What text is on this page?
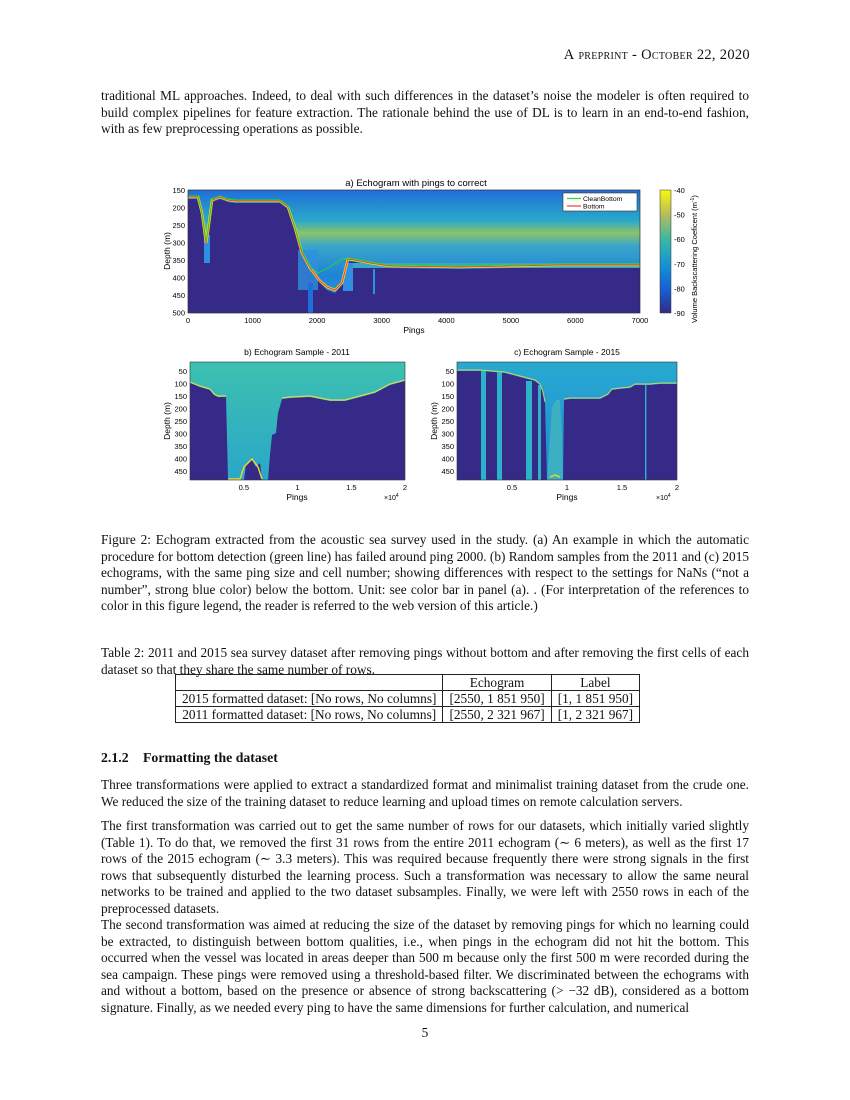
A preprint - October 22, 2020

traditional ML approaches. Indeed, to deal with such differences in the dataset’s noise the modeler is often required to build complex pipelines for feature extraction. The rationale behind the use of DL is to learn in an end-to-end fashion, with as few preprocessing operations as possible.

a) Echogram with pings to correct
CleanBottom
Bottom
150
200
250
300
350
400
450
500
Depth (m)
0	1000	2000	3000	4000	5000	6000	7000
Pings
-40
-50
-60
-70
-80
-90 Volume Backscattering Coeficent $(m^{-1})$
b) Echogram Sample - 2011
50
100
150
200
250
300
350
400
450
Depth (m)
0.5	1	1.5	2
Pings	$\times 10^4$
c) Echogram Sample - 2015
50
100
150
200
250
300
350
400
450
Depth (m)
0.5	1	1.5	2
Pings	$\times 10^4$

Figure 2: Echogram extracted from the acoustic sea survey used in the study. (a) An example in which the automatic procedure for bottom detection (green line) has failed around ping 2000. (b) Random samples from the 2011 and (c) 2015 echograms, with the same ping size and cell number; showing differences with respect to the settings for NaNs (“not a number”, strong blue color) below the bottom. Unit: see color bar in panel (a). . (For interpretation of the references to color in this figure legend, the reader is referred to the web version of this article.)

Table 2: 2011 and 2015 sea survey dataset after removing pings without bottom and after removing the first cells of each dataset so that they share the same number of rows.

	Echogram	Label
2015 formatted dataset: [No rows, No columns]	[2550, 1 851 950]	[1, 1 851 950]
2011 formatted dataset: [No rows, No columns]	[2550, 2 321 967]	[1, 2 321 967]
2.1.2 Formatting the dataset

Three transformations were applied to extract a standardized format and minimalist training dataset from the crude one. We reduced the size of the training dataset to reduce learning and upload times on remote calculation servers.

The first transformation was carried out to get the same number of rows for our datasets, which initially varied slightly (Table 1). To do that, we removed the first 31 rows from the entire 2011 echogram (∼ 6 meters), as well as the first 17 rows of the 2015 echogram (∼ 3.3 meters). This was required because frequently there were strong signals in the first rows that subsequently disturbed the learning process. Such a transformation was necessary to allow the same neural networks to be trained and applied to the two dataset subsamples. Finally, we were left with 2550 rows in each of the preprocessed datasets.

The second transformation was aimed at reducing the size of the dataset by removing pings for which no learning could be extracted, to distinguish between bottom qualities, i.e., when pings in the echogram did not hit the bottom. This occurred when the vessel was located in areas deeper than 500 m because only the first 500 m were recorded during the sea campaign. These pings were removed using a threshold-based filter. We discriminated between the echograms with and without a bottom, based on the presence or absence of strong backscattering (> −32 dB), considered as a bottom signature. Finally, as we needed every ping to have the same dimensions for further calculation, and numerical

5
